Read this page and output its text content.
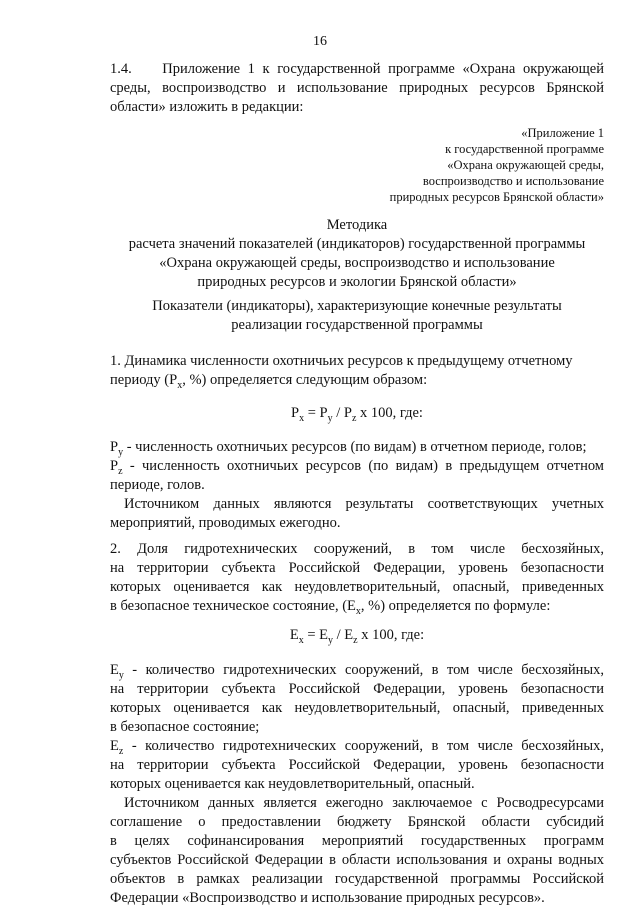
16
1.4. Приложение 1 к государственной программе «Охрана окружающей
среды, воспроизводство и использование природных ресурсов Брянской
области» изложить в редакции:
«Приложение 1
к государственной программе
«Охрана окружающей среды,
воспроизводство и использование
природных ресурсов Брянской области»
Методика
расчета значений показателей (индикаторов) государственной программы
«Охрана окружающей среды, воспроизводство и использование
природных ресурсов и экологии Брянской области»
Показатели (индикаторы), характеризующие конечные результаты
реализации государственной программы
1. Динамика численности охотничьих ресурсов к предыдущему отчетному
периоду ($Р_x$, %) определяется следующим образом:
$Р_x = Р_y / Р_z$ х 100, где:
$Р_y$ - численность охотничьих ресурсов (по видам) в отчетном периоде, голов;
$Р_z$ - численность охотничьих ресурсов (по видам) в предыдущем отчетном
периоде, голов.
Источником данных являются результаты соответствующих учетных
мероприятий, проводимых ежегодно.
2. Доля гидротехнических сооружений, в том числе бесхозяйных,
на территории субъекта Российской Федерации, уровень безопасности
которых оценивается как неудовлетворительный, опасный, приведенных
в безопасное техническое состояние, ($Е_x$, %) определяется по формуле:
$Е_x = Е_y / Е_z$ х 100, где:
$Е_y$ - количество гидротехнических сооружений, в том числе бесхозяйных,
на территории субъекта Российской Федерации, уровень безопасности
которых оценивается как неудовлетворительный, опасный, приведенных
в безопасное состояние;
$Е_z$ - количество гидротехнических сооружений, в том числе бесхозяйных,
на территории субъекта Российской Федерации, уровень безопасности
которых оценивается как неудовлетворительный, опасный.
Источником данных является ежегодно заключаемое с Росводресурсами
соглашение о предоставлении бюджету Брянской области субсидий
в целях софинансирования мероприятий государственных программ
субъектов Российской Федерации в области использования и охраны водных
объектов в рамках реализации государственной программы Российской
Федерации «Воспроизводство и использование природных ресурсов».
